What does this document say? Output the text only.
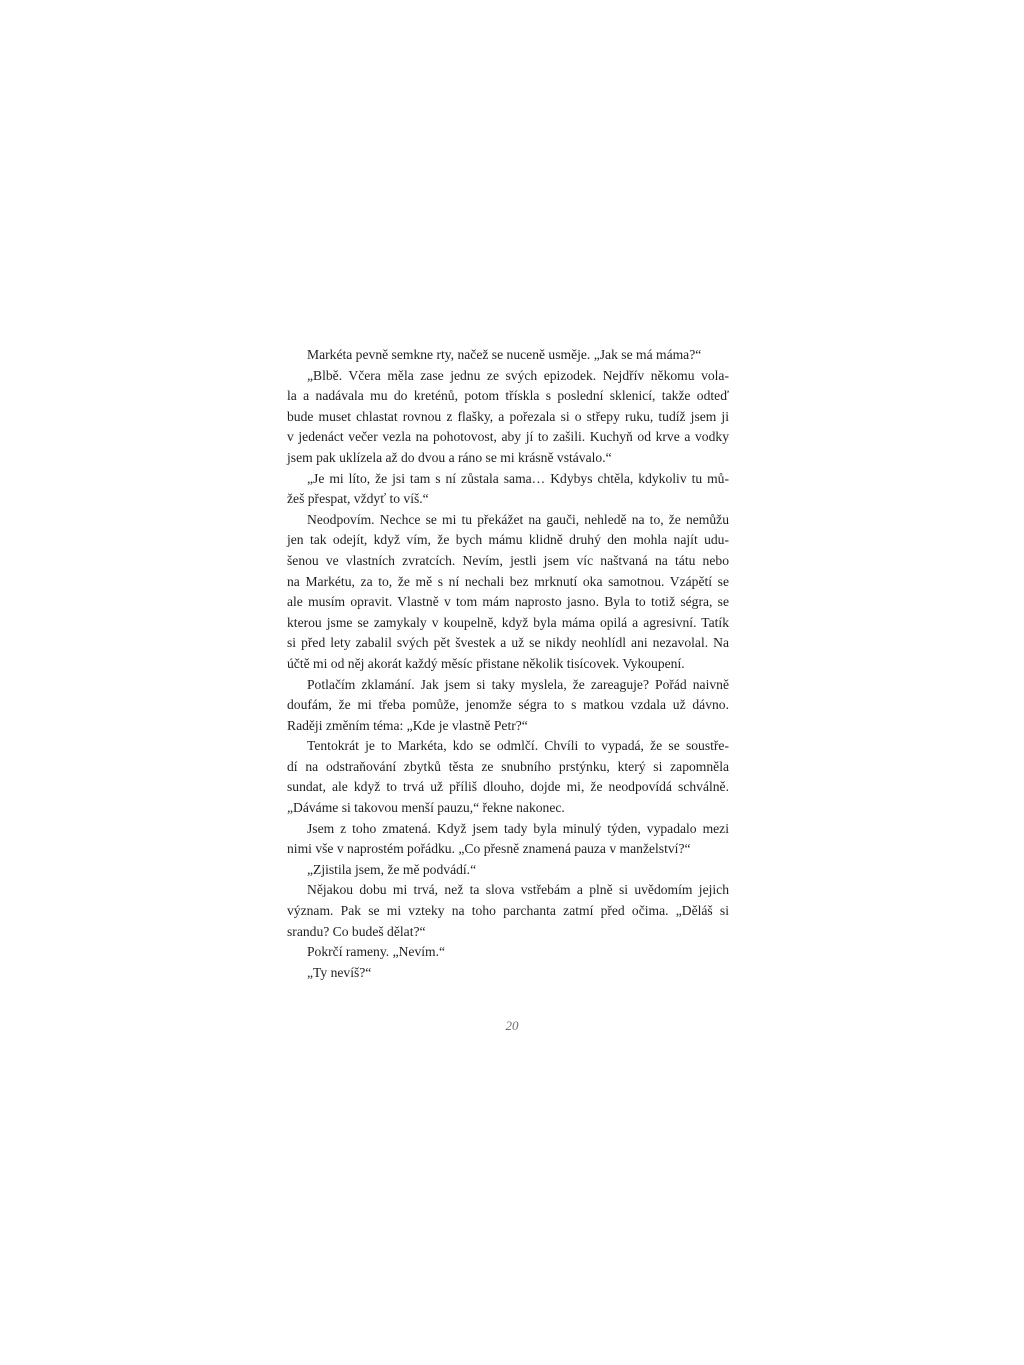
Markéta pevně semkne rty, načež se nuceně usměje. „Jak se má máma?“
„Blbě. Včera měla zase jednu ze svých epizodek. Nejdřív někomu vola-
la a nadávala mu do kreténů, potom třískla s poslední sklenicí, takže odteď
bude muset chlastat rovnou z flašky, a pořezala si o střepy ruku, tudíž jsem ji
v jedenáct večer vezla na pohotovost, aby jí to zašili. Kuchyň od krve a vodky
jsem pak uklízela až do dvou a ráno se mi krásně vstávalo.“
„Je mi líto, že jsi tam s ní zůstala sama… Kdybys chtěla, kdykoliv tu mů-
žeš přespat, vždyť to víš.“
Neodpovím. Nechce se mi tu překážet na gauči, nehledě na to, že nemůžu
jen tak odejít, když vím, že bych mámu klidně druhý den mohla najít udu-
šenou ve vlastních zvratcích. Nevím, jestli jsem víc naštvaná na tátu nebo
na Markétu, za to, že mě s ní nechali bez mrknutí oka samotnou. Vzápětí se
ale musím opravit. Vlastně v tom mám naprosto jasno. Byla to totiž ségra, se
kterou jsme se zamykaly v koupelně, když byla máma opilá a agresivní. Tatík
si před lety zabalil svých pět švestek a už se nikdy neohlídl ani nezavolal. Na
účtě mi od něj akorát každý měsíc přistane několik tisícovek. Vykoupení.
Potlačím zklamání. Jak jsem si taky myslela, že zareaguje? Pořád naivně
doufám, že mi třeba pomůže, jenomže ségra to s matkou vzdala už dávno.
Raději změním téma: „Kde je vlastně Petr?“
Tentokrát je to Markéta, kdo se odmlčí. Chvíli to vypadá, že se soustře-
dí na odstraňování zbytků těsta ze snubního prstýnku, který si zapomněla
sundat, ale když to trvá už příliš dlouho, dojde mi, že neodpovídá schválně.
„Dáváme si takovou menší pauzu,“ řekne nakonec.
Jsem z toho zmatená. Když jsem tady byla minulý týden, vypadalo mezi
nimi vše v naprostém pořádku. „Co přesně znamená pauza v manželství?“
„Zjistila jsem, že mě podvádí.“
Nějakou dobu mi trvá, než ta slova vstřebám a plně si uvědomím jejich
význam. Pak se mi vzteky na toho parchanta zatmí před očima. „Děláš si
srandu? Co budeš dělat?“
Pokrčí rameny. „Nevím.“
„Ty nevíš?“
20
